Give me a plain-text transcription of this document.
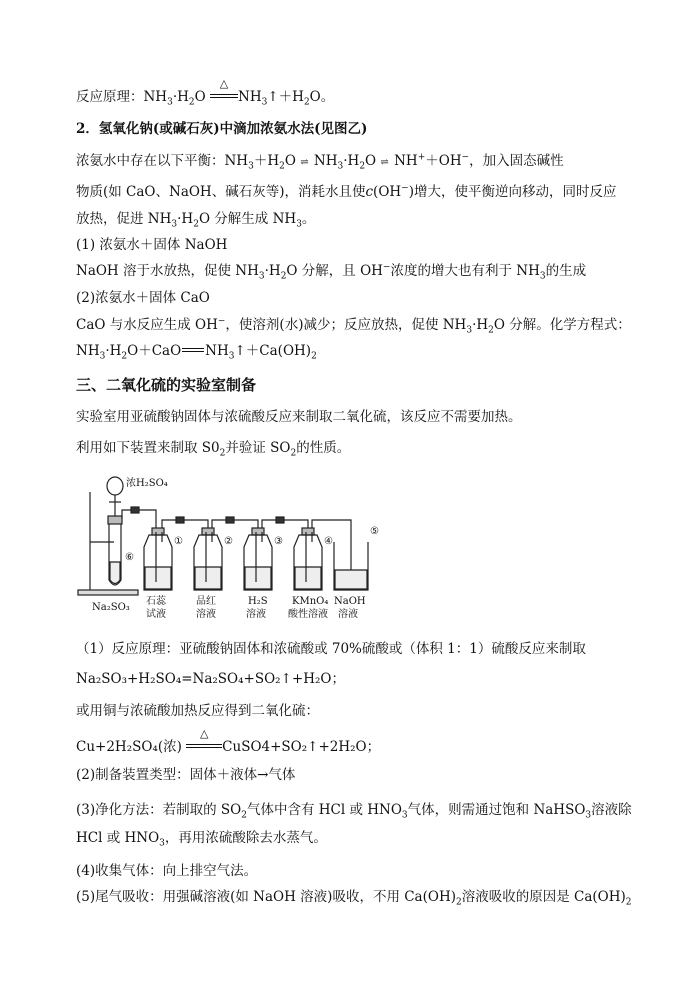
反应原理：$NH_3\cdot H_2O$
△
$NH_3↑+H_2O$。
2．氢氧化钠(或碱石灰)中滴加浓氨水法(见图乙)
浓氨水中存在以下平衡：$NH_3+H_2O$ ⇌ $NH_3\cdot H_2O$ ⇌ NH+＋OH−，加入固态碱性
物质(如 CaO、NaOH、碱石灰等)，消耗水且使c(OH−)增大，使平衡逆向移动，同时反应
放热，促进 $NH_3\cdot H_2O$ 分解生成 $NH_3$。
(1) 浓氨水＋固体 NaOH
NaOH 溶于水放热，促使 $NH_3\cdot H_2O$ 分解，且 OH−浓度的增大也有利于 $NH_3$的生成
(2)浓氨水＋固体 CaO
CaO 与水反应生成 OH−，使溶剂(水)减少；反应放热，促使 $NH_3\cdot H_2O$ 分解。化学方程式：
$NH_3\cdot H_2O+CaO$ $NH_3↑+Ca(OH)_2$
三、二氧化硫的实验室制备
实验室用亚硫酸钠固体与浓硫酸反应来制取二氧化硫，该反应不需要加热。
利用如下装置来制取 $S0_2$并验证 $SO_2$的性质。
浓H₂SO₄
⑥
Na₂SO₃
①	②	③	④
⑤
石蕊
试液
品红
溶液
H₂S
溶液
KMnO₄
酸性溶液
NaOH
溶液
（1）反应原理：亚硫酸钠固体和浓硫酸或 70%硫酸或（体积 1：1）硫酸反应来制取
Na₂SO₃+H₂SO₄=Na₂SO₄+SO₂↑+H₂O；
或用铜与浓硫酸加热反应得到二氧化硫：
Cu+2H₂SO₄(浓)
△
CuSO4+SO₂↑+2H₂O；
(2)制备装置类型：固体＋液体→气体
(3)净化方法：若制取的 $SO_2$气体中含有 HCl 或 $HNO_3$气体，则需通过饱和 NaHSO$_3$溶液除
HCl 或 $HNO_3$，再用浓硫酸除去水蒸气。
(4)收集气体：向上排空气法。
(5)尾气吸收：用强碱溶液(如 NaOH 溶液)吸收，不用 $Ca(OH)_2$溶液吸收的原因是 $Ca(OH)_2$
